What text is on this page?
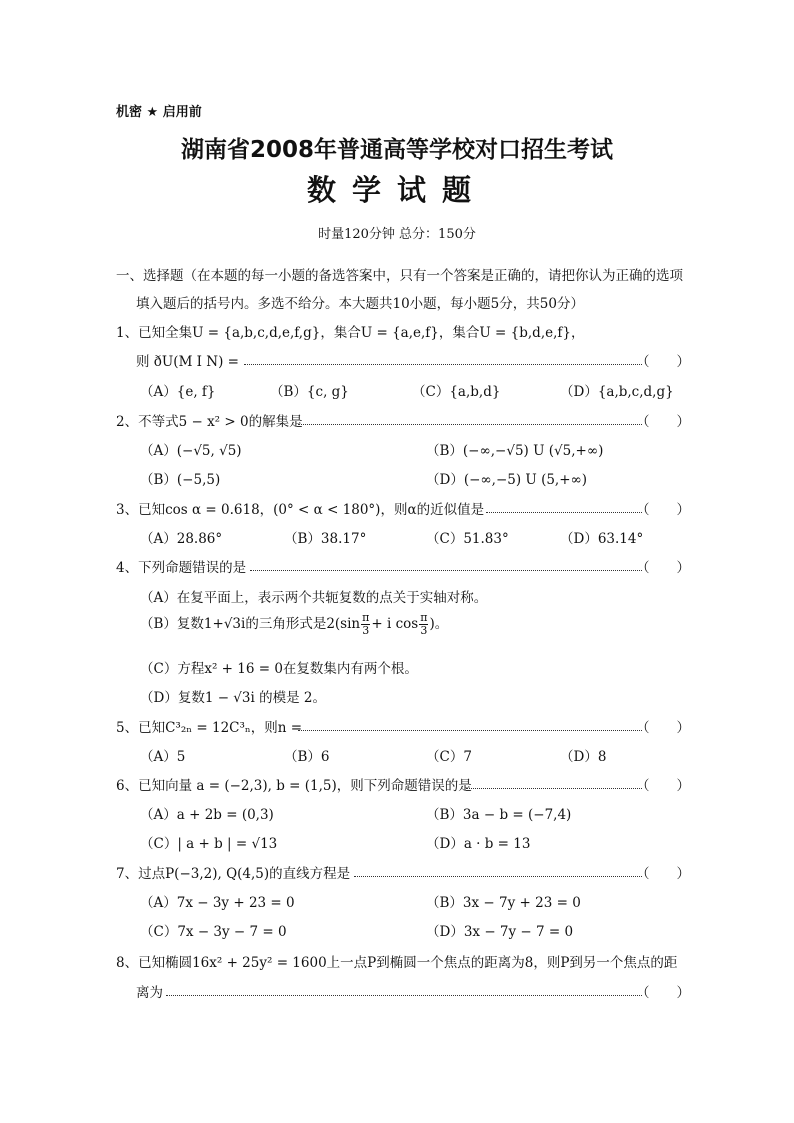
机密 ★ 启用前
湖南省2008年普通高等学校对口招生考试
数学试题
时量120分钟 总分：150分
一、选择题（在本题的每一小题的备选答案中，只有一个答案是正确的，请把你认为正确的选项
填入题后的括号内。多选不给分。本大题共10小题，每小题5分，共50分）
1、已知全集U = {a,b,c,d,e,f,g}，集合U = {a,e,f}，集合U = {b,d,e,f}，
则 ðU(M I N) =	（　　）
（A）{e, f}	（B）{c, g}	（C）{a,b,d}	（D）{a,b,c,d,g}
2、不等式5 − x² > 0的解集是	（　　）
（A）(−√5, √5)	（B）(−∞,−√5) U (√5,+∞)
（B）(−5,5)	（D）(−∞,−5) U (5,+∞)
3、已知cos α = 0.618，(0° < α < 180°)，则α的近似值是	（　　）
（A）28.86°	（B）38.17°	（C）51.83°	（D）63.14°
4、下列命题错误的是	（　　）
（A）在复平面上，表示两个共轭复数的点关于实轴对称。
（B）复数1+√3i的三角形式是$2(\sin \frac{\pi}{3} + i$ $\cos \frac{\pi}{3}$ )。
（C）方程x² + 16 = 0在复数集内有两个根。
（D）复数1 − √3i 的模是 2。
5、已知C³₂ₙ = 12C³ₙ，则n =	（　　）
（A）5	（B）6	（C）7	（D）8
6、已知向量 a = (−2,3), b = (1,5)，则下列命题错误的是	（　　）
（A）a + 2b = (0,3)	（B）3a − b = (−7,4)
（C）| a + b | = √13	（D）a · b = 13
7、过点P(−3,2), Q(4,5)的直线方程是	（　　）
（A）7x − 3y + 23 = 0	（B）3x − 7y + 23 = 0
（C）7x − 3y − 7 = 0	（D）3x − 7y − 7 = 0
8、已知椭圆16x² + 25y² = 1600上一点P到椭圆一个焦点的距离为8，则P到另一个焦点的距
离为	（　　）
